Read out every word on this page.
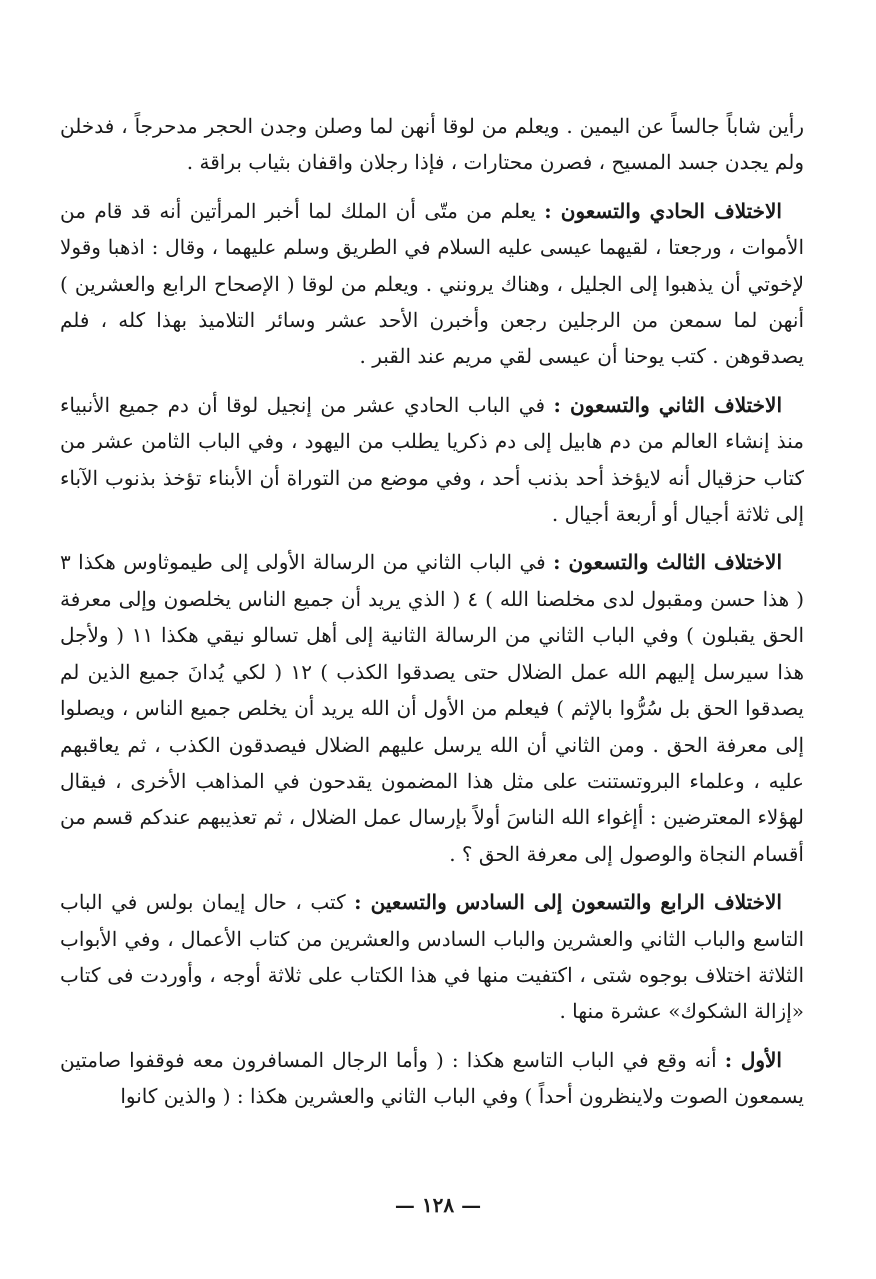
رأين شاباً جالساً عن اليمين . ويعلم من لوقا أنهن لما وصلن وجدن الحجر مدحرجاً ، فدخلن ولم يجدن جسد المسيح ، فصرن محتارات ، فإذا رجلان واقفان بثياب براقة .

الاختلاف الحادي والتسعون : يعلم من متّى أن الملك لما أخبر المرأتين أنه قد قام من الأموات ، ورجعتا ، لقيهما عيسى عليه السلام في الطريق وسلم عليهما ، وقال : اذهبا وقولا لإخوتي أن يذهبوا إلى الجليل ، وهناك يرونني . ويعلم من لوقا ( الإصحاح الرابع والعشرين ) أنهن لما سمعن من الرجلين رجعن وأخبرن الأحد عشر وسائر التلاميذ بهذا كله ، فلم يصدقوهن . كتب يوحنا أن عيسى لقي مريم عند القبر .

الاختلاف الثاني والتسعون : في الباب الحادي عشر من إنجيل لوقا أن دم جميع الأنبياء منذ إنشاء العالم من دم هابيل إلى دم ذكريا يطلب من اليهود ، وفي الباب الثامن عشر من كتاب حزقيال أنه لايؤخذ أحد بذنب أحد ، وفي موضع من التوراة أن الأبناء تؤخذ بذنوب الآباء إلى ثلاثة أجيال أو أربعة أجيال .

الاختلاف الثالث والتسعون : في الباب الثاني من الرسالة الأولى إلى طيموثاوس هكذا ٣ ( هذا حسن ومقبول لدى مخلصنا الله ) ٤ ( الذي يريد أن جميع الناس يخلصون وإلى معرفة الحق يقبلون ) وفي الباب الثاني من الرسالة الثانية إلى أهل تسالو نيقي هكذا ١١ ( ولأجل هذا سيرسل إليهم الله عمل الضلال حتى يصدقوا الكذب ) ١٢ ( لكي يُدانَ جميع الذين لم يصدقوا الحق بل سُرُّوا بالإثم ) فيعلم من الأول أن الله يريد أن يخلص جميع الناس ، ويصلوا إلى معرفة الحق . ومن الثاني أن الله يرسل عليهم الضلال فيصدقون الكذب ، ثم يعاقبهم عليه ، وعلماء البروتستنت على مثل هذا المضمون يقدحون في المذاهب الأخرى ، فيقال لهؤلاء المعترضين : أإغواء الله الناسَ أولاً بإرسال عمل الضلال ، ثم تعذيبهم عندكم قسم من أقسام النجاة والوصول إلى معرفة الحق ؟ .

الاختلاف الرابع والتسعون إلى السادس والتسعين : كتب ، حال إيمان بولس في الباب التاسع والباب الثاني والعشرين والباب السادس والعشرين من كتاب الأعمال ، وفي الأبواب الثلاثة اختلاف بوجوه شتى ، اكتفيت منها في هذا الكتاب على ثلاثة أوجه ، وأوردت فى كتاب «إزالة الشكوك» عشرة منها .

الأول : أنه وقع في الباب التاسع هكذا : ( وأما الرجال المسافرون معه فوقفوا صامتين يسمعون الصوت ولاينظرون أحداً ) وفي الباب الثاني والعشرين هكذا : ( والذين كانوا

— ١٢٨ —
